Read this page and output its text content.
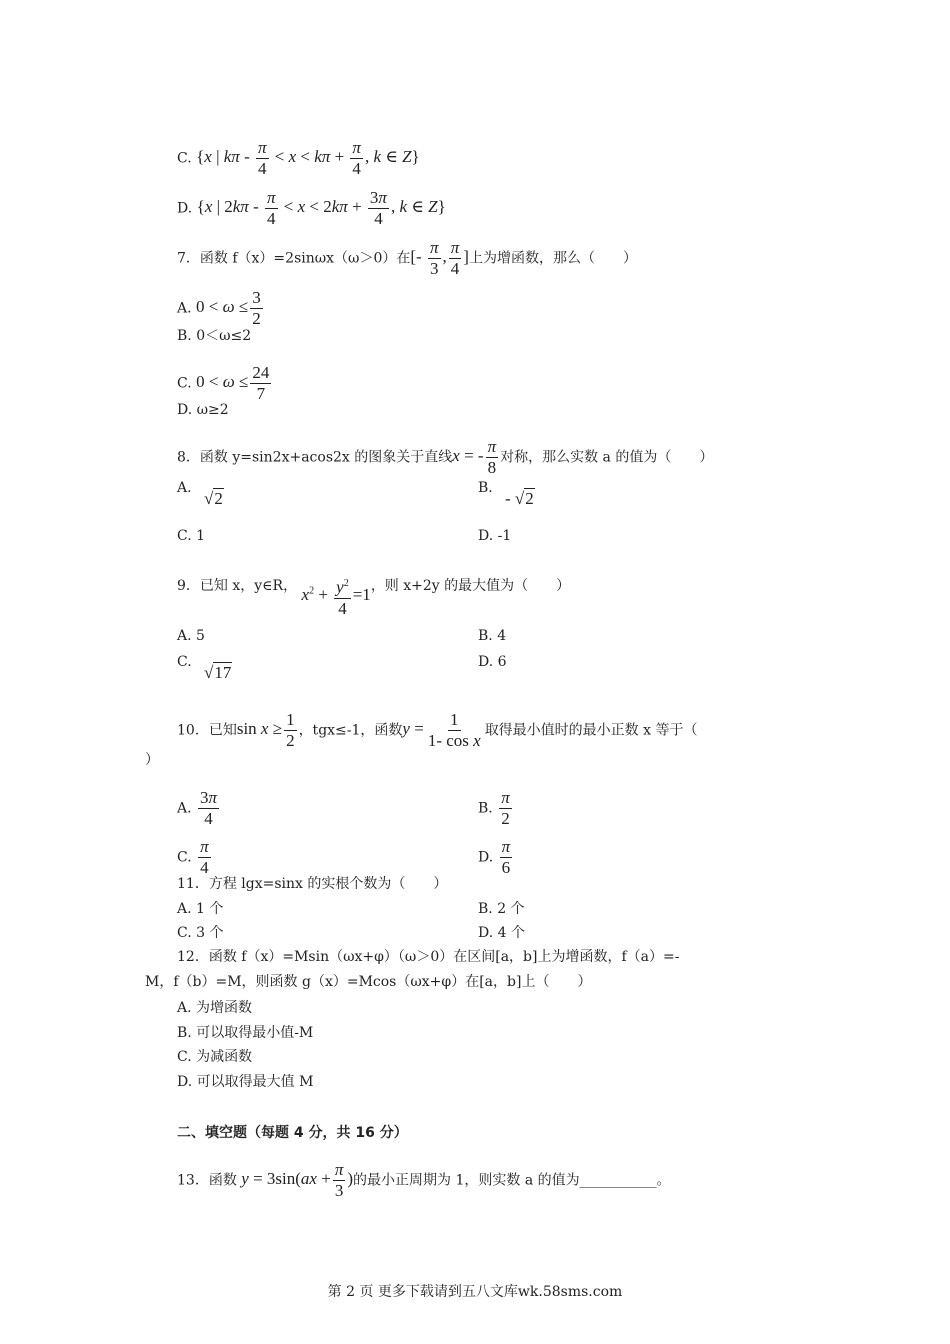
C. {x | $k\pi - \frac{\pi}{4} < x < k\pi + \frac{\pi}{4}$ , k ∈ Z}
D. {x | $2k\pi - \frac{\pi}{4} < x < 2k\pi + \frac{3\pi}{4}$ , k ∈ Z}
7．函数 f（x）=2sinωx（ω＞0）在[- $\frac{\pi}{3}$ , $\frac{\pi}{4}$ ]上为增函数，那么（　　）
A. $0 < \omega \le \frac{3}{2}$
B. 0＜ω≤2
C. $0 < \omega \le \frac{24}{7}$
D. ω≥2
8．函数 y=sin2x+acos2x 的图象关于直线x = - $\frac{\pi}{8}$ 对称，那么实数 a 的值为（　　）
A.
√2
B.
- √2
C. 1	D. -1
9．已知 x，y∈R， $x^2 + \frac{y^2}{4} =1$，则 x+2y 的最大值为（　　）
A. 5	B. 4
C.
√17
D. 6
10．已知$\sin x \ge \frac{1}{2}$ ，tgx≤-1，函数$y = \frac{1}{\text{1- cos x}}$ 取得最小值时的最小正数 x 等于（
）
A. $\frac{3\pi}{4}$	B. $\frac{\pi}{2}$
C. $\frac{\pi}{4}$	D. $\frac{\pi}{6}$
11．方程 lgx=sinx 的实根个数为（　　）
A. 1 个	B. 2 个
C. 3 个	D. 4 个
12．函数 f（x）=Msin（ωx+φ）（ω＞0）在区间[a，b]上为增函数，f（a）=-
M，f（b）=M，则函数 g（x）=Mcos（ωx+φ）在[a，b]上（　　）
A. 为增函数
B. 可以取得最小值-M
C. 为减函数
D. 可以取得最大值 M
二、填空题（每题 4 分，共 16 分）
13．函数 $y = 3\sin(ax + \frac{\pi}{3}$ )的最小正周期为 1，则实数 a 的值为___________。
第 2 页 更多下载请到五八文库wk.58sms.com
